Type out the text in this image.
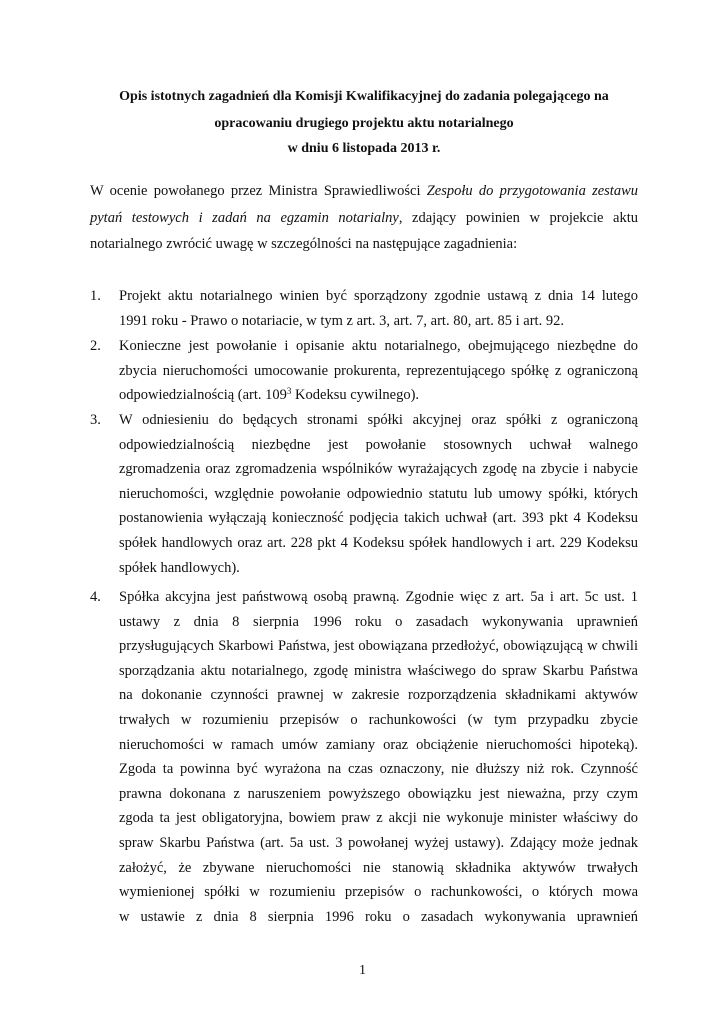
Opis istotnych zagadnień dla Komisji Kwalifikacyjnej do zadania polegającego na
opracowaniu drugiego projektu aktu notarialnego
w dniu 6 listopada 2013 r.
W ocenie powołanego przez Ministra Sprawiedliwości Zespołu do przygotowania zestawu
pytań testowych i zadań na egzamin notarialny, zdający powinien w projekcie aktu
notarialnego zwrócić uwagę w szczególności na następujące zagadnienia:
1.	Projekt aktu notarialnego winien być sporządzony zgodnie ustawą z dnia 14 lutego
1991 roku - Prawo o notariacie, w tym z art. 3, art. 7, art. 80, art. 85 i art. 92.
2.	Konieczne jest powołanie i opisanie aktu notarialnego, obejmującego niezbędne do
zbycia nieruchomości umocowanie prokurenta, reprezentującego spółkę z ograniczoną
odpowiedzialnością (art. $109^3$ Kodeksu cywilnego).
3.	W odniesieniu do będących stronami spółki akcyjnej oraz spółki z ograniczoną
odpowiedzialnością niezbędne jest powołanie stosownych uchwał walnego
zgromadzenia oraz zgromadzenia wspólników wyrażających zgodę na zbycie i nabycie
nieruchomości, względnie powołanie odpowiednio statutu lub umowy spółki, których
postanowienia wyłączają konieczność podjęcia takich uchwał (art. 393 pkt 4 Kodeksu
spółek handlowych oraz art. 228 pkt 4 Kodeksu spółek handlowych i art. 229 Kodeksu
spółek handlowych).
4.	Spółka akcyjna jest państwową osobą prawną. Zgodnie więc z art. 5a i art. 5c ust. 1
ustawy z dnia 8 sierpnia 1996 roku o zasadach wykonywania uprawnień
przysługujących Skarbowi Państwa, jest obowiązana przedłożyć, obowiązującą w chwili
sporządzania aktu notarialnego, zgodę ministra właściwego do spraw Skarbu Państwa
na dokonanie czynności prawnej w zakresie rozporządzenia składnikami aktywów
trwałych w rozumieniu przepisów o rachunkowości (w tym przypadku zbycie
nieruchomości w ramach umów zamiany oraz obciążenie nieruchomości hipoteką).
Zgoda ta powinna być wyrażona na czas oznaczony, nie dłuższy niż rok. Czynność
prawna dokonana z naruszeniem powyższego obowiązku jest nieważna, przy czym
zgoda ta jest obligatoryjna, bowiem praw z akcji nie wykonuje minister właściwy do
spraw Skarbu Państwa (art. 5a ust. 3 powołanej wyżej ustawy). Zdający może jednak
założyć, że zbywane nieruchomości nie stanowią składnika aktywów trwałych
wymienionej spółki w rozumieniu przepisów o rachunkowości, o których mowa
w ustawie z dnia 8 sierpnia 1996 roku o zasadach wykonywania uprawnień
1
